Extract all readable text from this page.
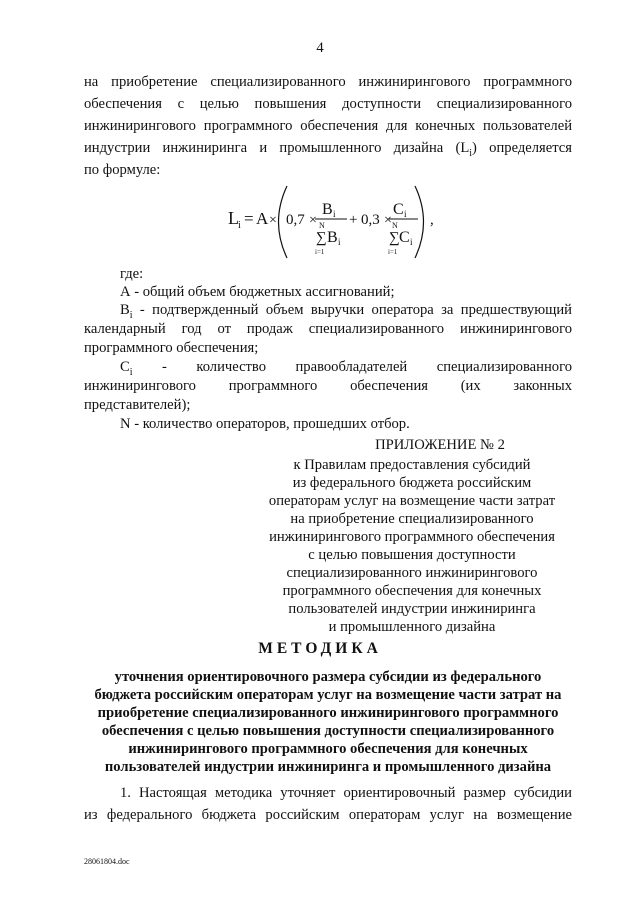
4
на приобретение специализированного инжинирингового программного
обеспечения с целью повышения доступности специализированного
инжинирингового программного обеспечения для конечных пользователей
индустрии инжиниринга и промышленного дизайна $(L_i)$ определяется
по формуле:
L i = A × 0,7 ×
B i
N
∑ B i
i=1
+ 0,3 ×
C i
N
∑ C i
i=1
,
где:
А - общий объем бюджетных ассигнований;
$B_i$ - подтвержденный объем выручки оператора за предшествующий
календарный год от продаж специализированного инжинирингового
программного обеспечения;
$C_i$ - количество правообладателей специализированного
инжинирингового программного обеспечения (их законных
представителей);
N - количество операторов, прошедших отбор.
ПРИЛОЖЕНИЕ № 2
к Правилам предоставления субсидий
из федерального бюджета российским
операторам услуг на возмещение части затрат
на приобретение специализированного
инжинирингового программного обеспечения
с целью повышения доступности
специализированного инжинирингового
программного обеспечения для конечных
пользователей индустрии инжиниринга
и промышленного дизайна
МЕТОДИКА
уточнения ориентировочного размера субсидии из федерального
бюджета российским операторам услуг на возмещение части затрат на
приобретение специализированного инжинирингового программного
обеспечения с целью повышения доступности специализированного
инжинирингового программного обеспечения для конечных
пользователей индустрии инжиниринга и промышленного дизайна
1. Настоящая методика уточняет ориентировочный размер субсидии
из федерального бюджета российским операторам услуг на возмещение
28061804.doc
